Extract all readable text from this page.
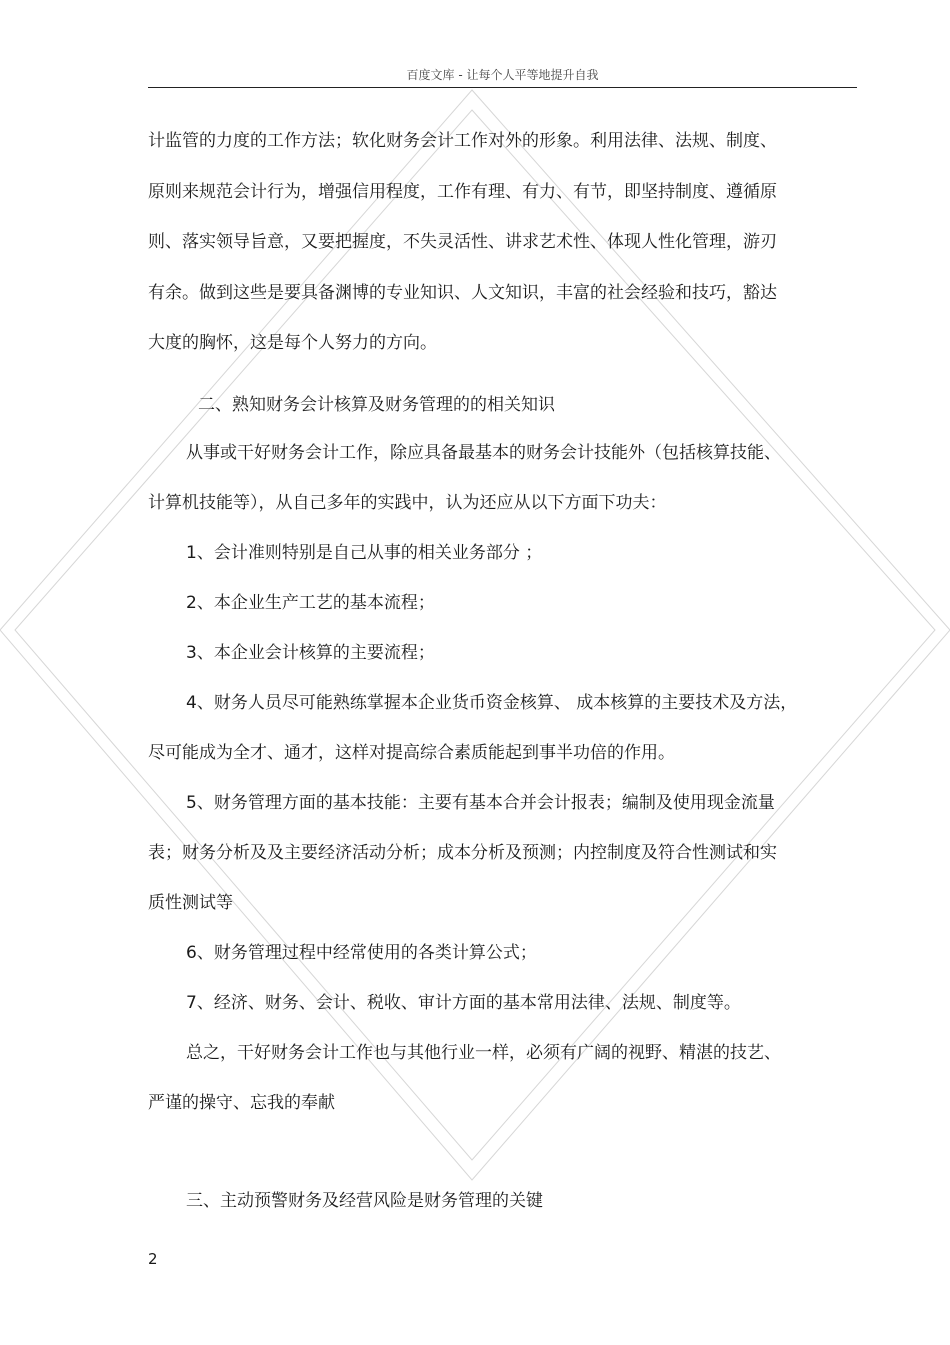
百度文库 - 让每个人平等地提升自我
计监管的力度的工作方法；软化财务会计工作对外的形象。利用法律、法规、制度、
原则来规范会计行为，增强信用程度，工作有理、有力、有节，即坚持制度、遵循原
则、落实领导旨意，又要把握度，不失灵活性、讲求艺术性、体现人性化管理，游刃
有余。做到这些是要具备渊博的专业知识、人文知识，丰富的社会经验和技巧，豁达
大度的胸怀，这是每个人努力的方向。
二、熟知财务会计核算及财务管理的的相关知识
从事或干好财务会计工作，除应具备最基本的财务会计技能外（包括核算技能、
计算机技能等），从自己多年的实践中，认为还应从以下方面下功夫：
1、会计准则特别是自己从事的相关业务部分 ；
2、本企业生产工艺的基本流程；
3、本企业会计核算的主要流程；
4、财务人员尽可能熟练掌握本企业货币资金核算、 成本核算的主要技术及方法，
尽可能成为全才、通才，这样对提高综合素质能起到事半功倍的作用。
5、财务管理方面的基本技能：主要有基本合并会计报表；编制及使用现金流量
表；财务分析及及主要经济活动分析；成本分析及预测；内控制度及符合性测试和实
质性测试等
6、财务管理过程中经常使用的各类计算公式；
7、经济、财务、会计、税收、审计方面的基本常用法律、法规、制度等。
总之，干好财务会计工作也与其他行业一样，必须有广阔的视野、精湛的技艺、
严谨的操守、忘我的奉献
三、主动预警财务及经营风险是财务管理的关键
2
